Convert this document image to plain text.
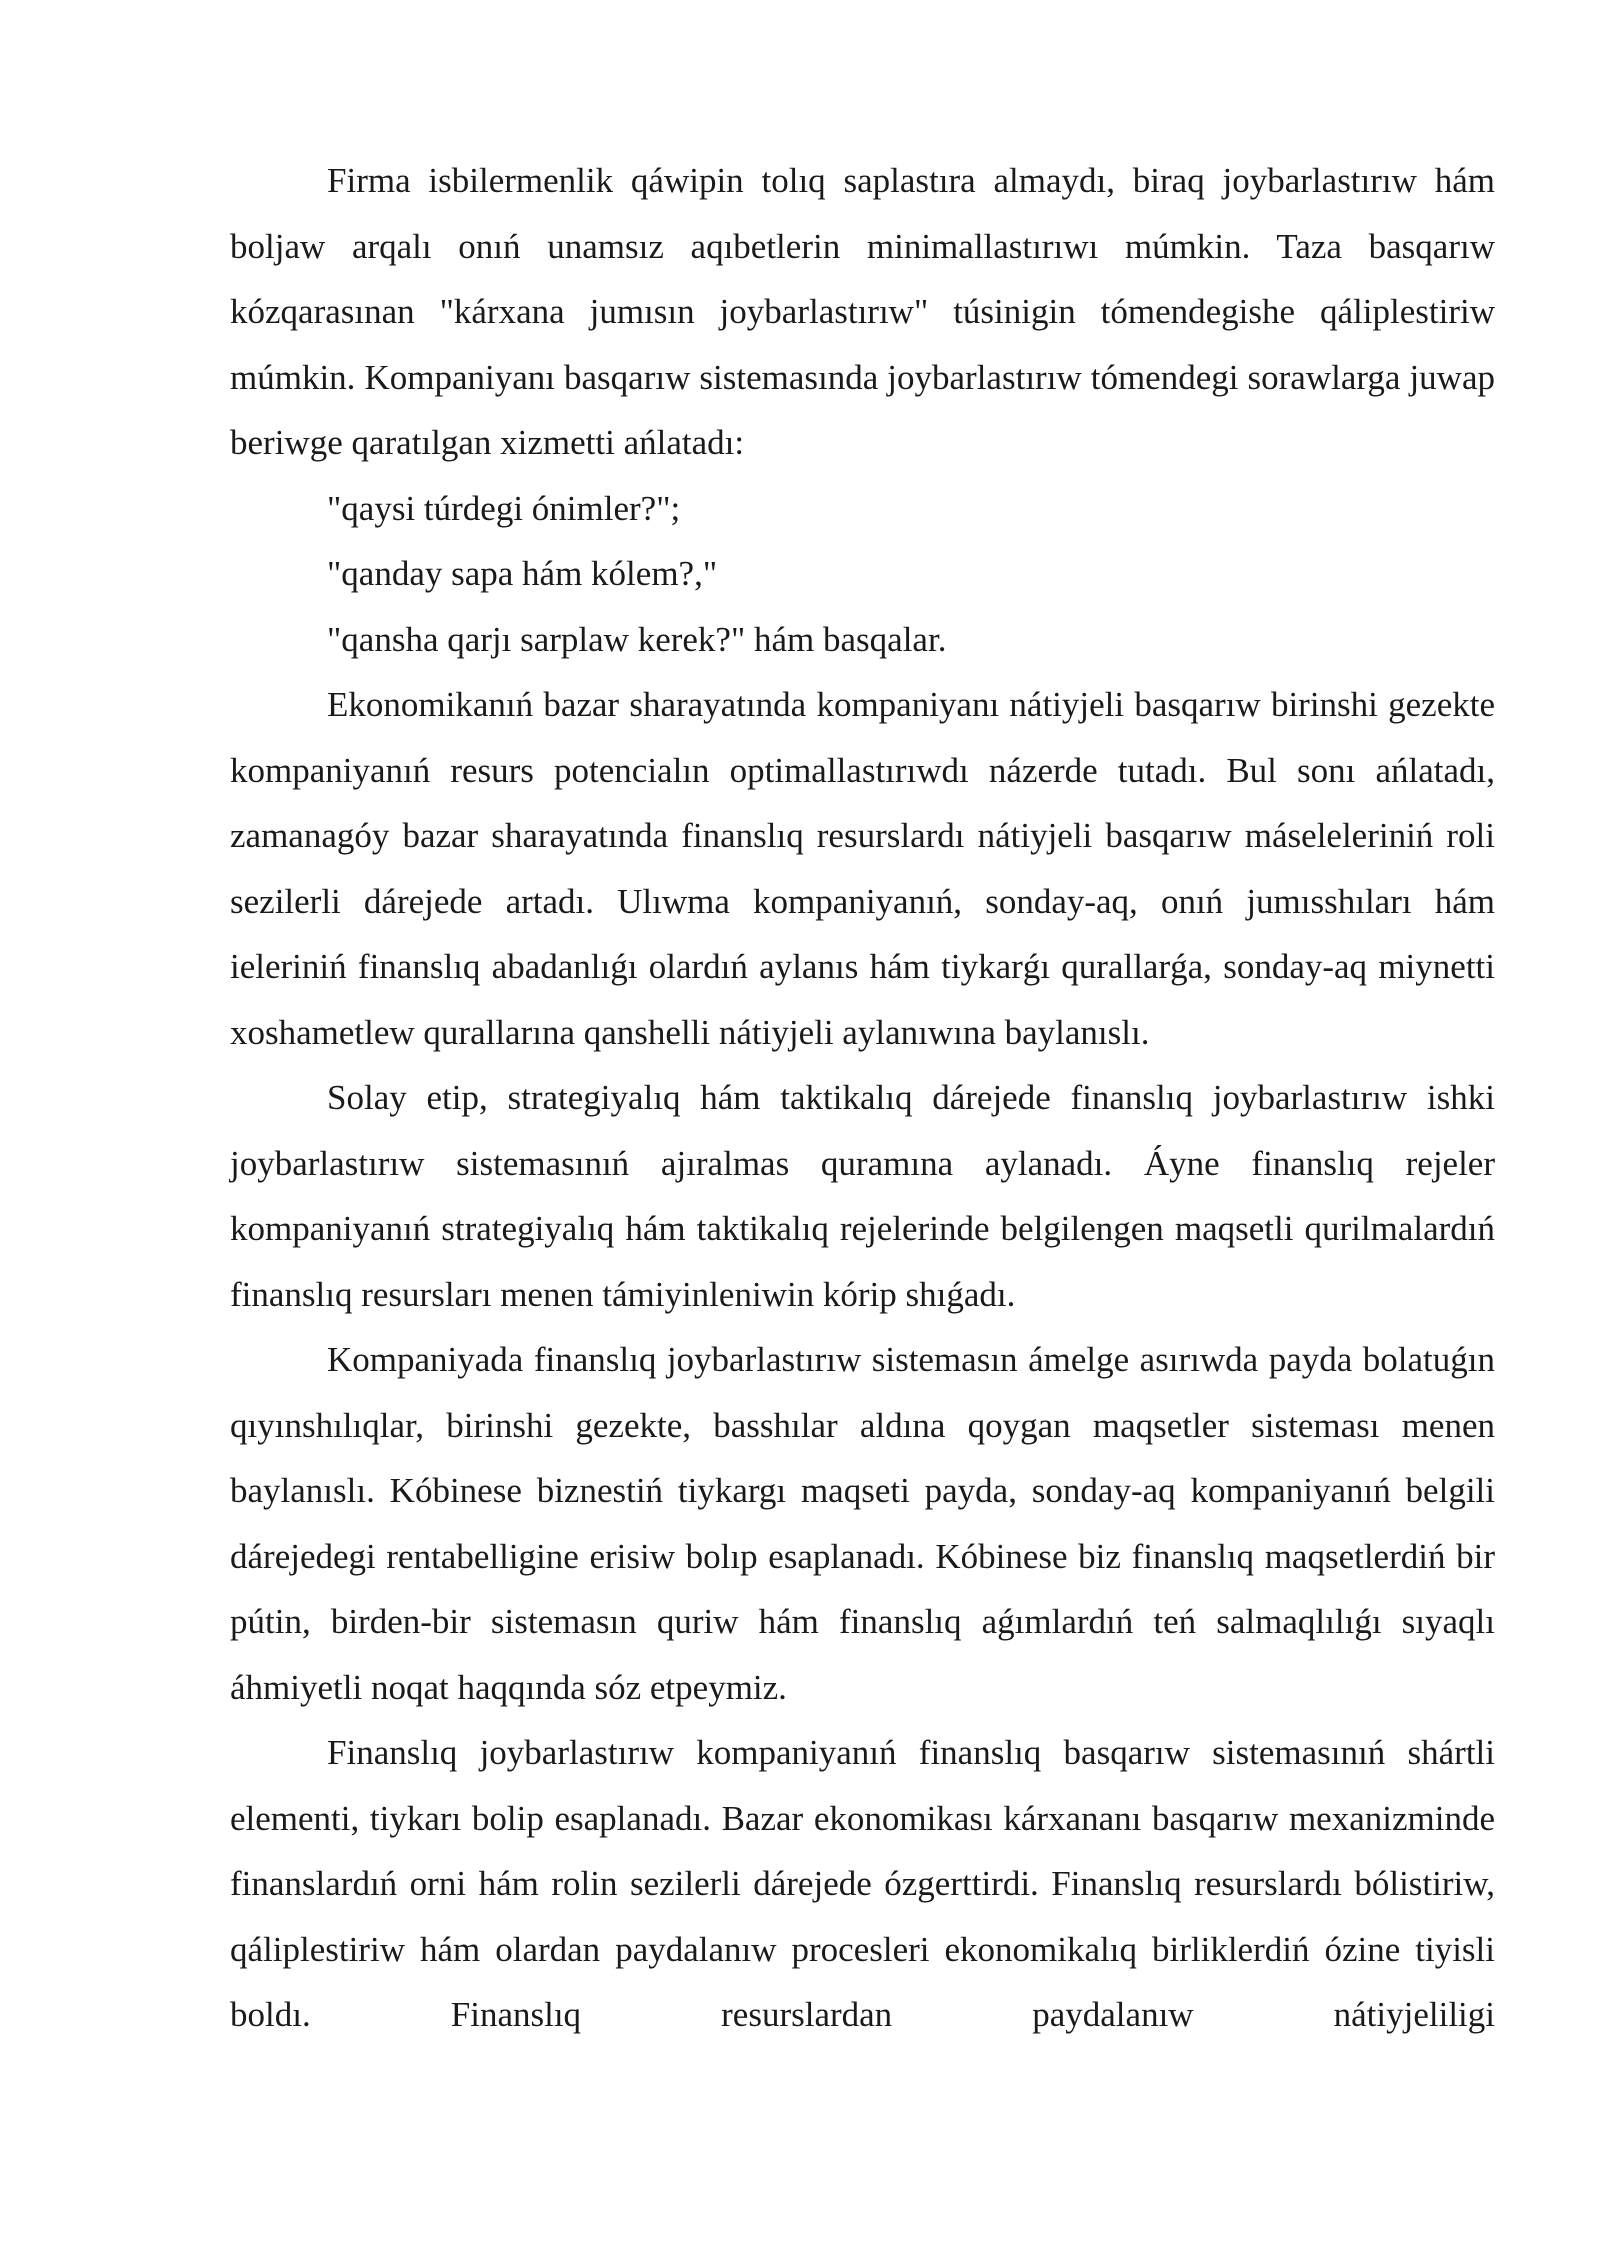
Firma isbilermenlik qáwipin tolıq saplastıra almaydı, biraq joybarlastırıw hám boljaw arqalı onıń unamsız aqıbetlerin minimallastırıwı múmkin. Taza basqarıw kózqarasınan "kárxana jumısın joybarlastırıw" túsinigin tómendegishe qáliplestiriw múmkin. Kompaniyanı basqarıw sistemasında joybarlastırıw tómendegi sorawlarga juwap beriwge qaratılgan xizmetti ańlatadı:

"qaysi túrdegi ónimler?";

"qanday sapa hám kólem?,"

"qansha qarjı sarplaw kerek?" hám basqalar.

Ekonomikanıń bazar sharayatında kompaniyanı nátiyjeli basqarıw birinshi gezekte kompaniyanıń resurs potencialın optimallastırıwdı názerde tutadı. Bul sonı ańlatadı, zamanagóy bazar sharayatında finanslıq resurslardı nátiyjeli basqarıw máseleleriniń roli sezilerli dárejede artadı. Ulıwma kompaniyanıń, sonday-aq, onıń jumısshıları hám ieleriniń finanslıq abadanlıǵı olardıń aylanıs hám tiykarǵı qurallarǵa, sonday-aq miynetti xoshametlew qurallarına qanshelli nátiyjeli aylanıwına baylanıslı.

Solay etip, strategiyalıq hám taktikalıq dárejede finanslıq joybarlastırıw ishki joybarlastırıw sistemasınıń ajıralmas quramına aylanadı. Áyne finanslıq rejeler kompaniyanıń strategiyalıq hám taktikalıq rejelerinde belgilengen maqsetli qurilmalardıń finanslıq resursları menen támiyinleniwin kórip shıǵadı.

Kompaniyada finanslıq joybarlastırıw sistemasın ámelge asırıwda payda bolatuǵın qıyınshılıqlar, birinshi gezekte, basshılar aldına qoygan maqsetler sisteması menen baylanıslı. Kóbinese biznestiń tiykargı maqseti payda, sonday-aq kompaniyanıń belgili dárejedegi rentabelligine erisiw bolıp esaplanadı. Kóbinese biz finanslıq maqsetlerdiń bir pútin, birden-bir sistemasın quriw hám finanslıq aǵımlardıń teń salmaqlılıǵı sıyaqlı áhmiyetli noqat haqqında sóz etpeymiz.

Finanslıq joybarlastırıw kompaniyanıń finanslıq basqarıw sistemasınıń shártli elementi, tiykarı bolip esaplanadı. Bazar ekonomikası kárxananı basqarıw mexanizminde finanslardıń orni hám rolin sezilerli dárejede ózgerttirdi. Finanslıq resurslardı bólistiriw, qáliplestiriw hám olardan paydalanıw procesleri ekonomikalıq birliklerdiń ózine tiyisli boldı. Finanslıq resurslardan paydalanıw nátiyjeliligi
